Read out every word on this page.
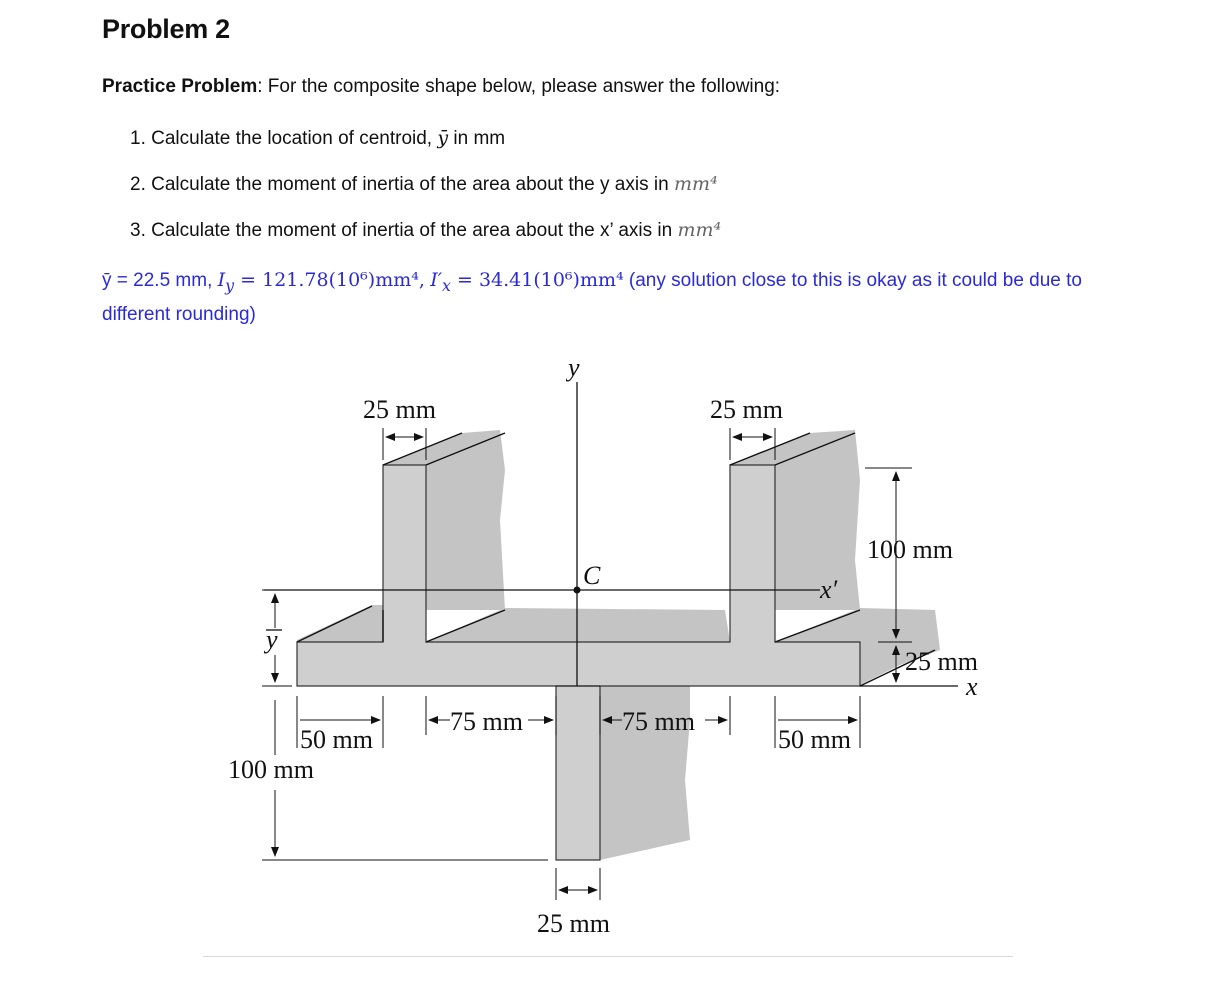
Problem 2
Practice Problem: For the composite shape below, please answer the following:
1. Calculate the location of centroid, ȳ in mm
2. Calculate the moment of inertia of the area about the y axis in mm⁴
3. Calculate the moment of inertia of the area about the x’ axis in mm⁴
ȳ = 22.5 mm, $I_y = 121.78(10^6)mm^4$, $I'_x = 34.41(10^6)mm^4$ (any solution close to this is okay as it could be due to different rounding)
y
C	x′
x
y
25 mm	25 mm
100 mm
25 mm
50 mm
75 mm	75 mm
50 mm
100 mm
25 mm
